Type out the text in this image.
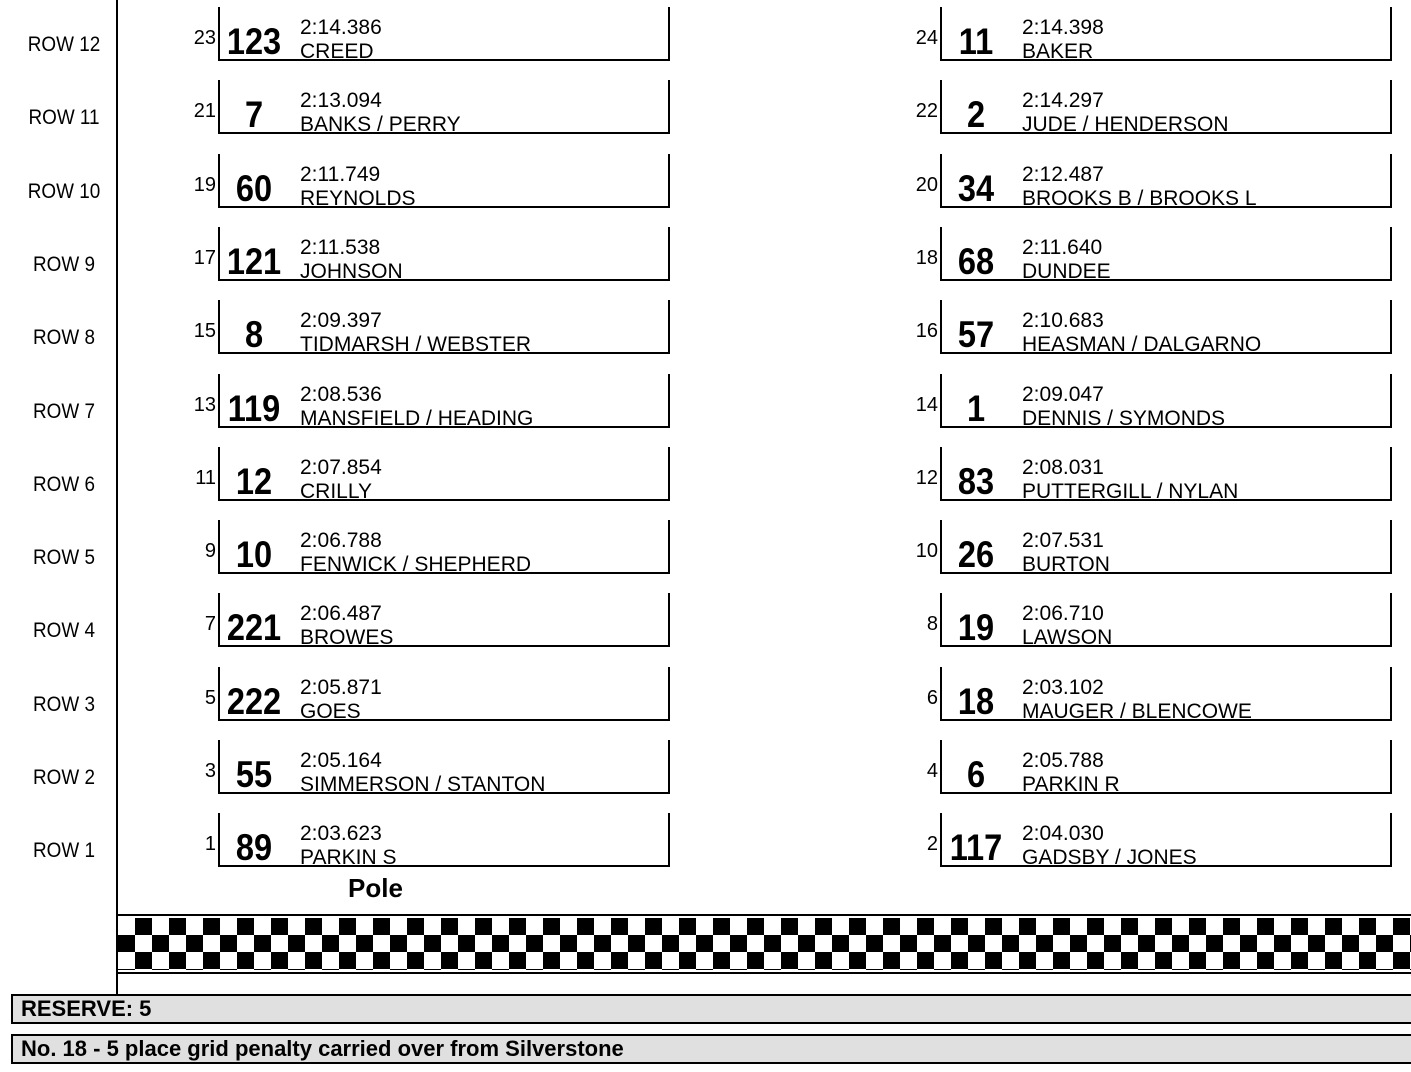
ROW 12	23 123 2:14.386
CREED
24 11	2:14.398
BAKER
ROW 11	21 7	2:13.094
BANKS / PERRY
22 2	2:14.297
JUDE / HENDERSON
ROW 10	19 60	2:11.749
REYNOLDS
20 34	2:12.487
BROOKS B / BROOKS L
ROW 9	17 121 2:11.538
JOHNSON
18 68	2:11.640
DUNDEE
ROW 8	15 8	2:09.397
TIDMARSH / WEBSTER
16 57	2:10.683
HEASMAN / DALGARNO
ROW 7	13 119 2:08.536
MANSFIELD / HEADING
14 1	2:09.047
DENNIS / SYMONDS
ROW 6	11 12	2:07.854
CRILLY
12 83	2:08.031
PUTTERGILL / NYLAN
ROW 5	9 10	2:06.788
FENWICK / SHEPHERD
10 26	2:07.531
BURTON
ROW 4	7 221 2:06.487
BROWES
8 19	2:06.710
LAWSON
ROW 3	5 222 2:05.871
GOES
6 18	2:03.102
MAUGER / BLENCOWE
ROW 2	3 55	2:05.164
SIMMERSON / STANTON
4 6	2:05.788
PARKIN R
ROW 1	1 89	2:03.623
PARKIN S
2 117 2:04.030
GADSBY / JONES
Pole
RESERVE: 5
No. 18 - 5 place grid penalty carried over from Silverstone
